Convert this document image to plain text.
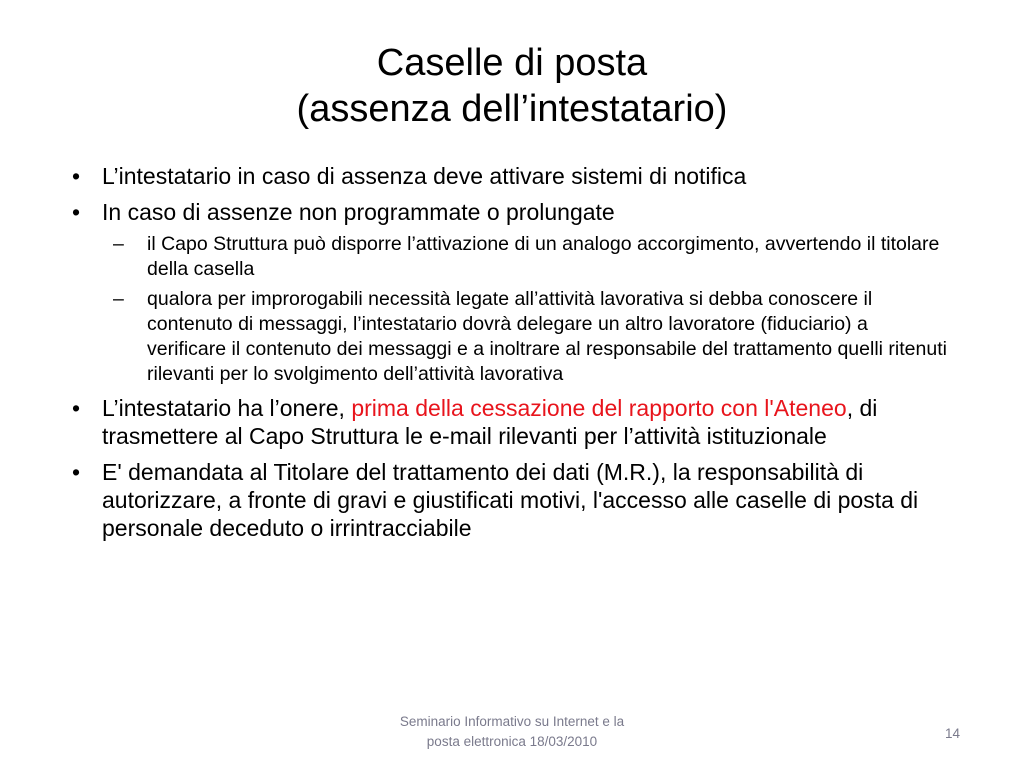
Caselle di posta
(assenza dell’intestatario)
• L’intestatario in caso di assenza deve attivare sistemi di notifica
• In caso di assenze non programmate o prolungate
–	il Capo Struttura può disporre l’attivazione di un analogo accorgimento, avvertendo il titolare della casella
–	qualora per improrogabili necessità legate all’attività lavorativa si debba conoscere il contenuto di messaggi, l’intestatario dovrà delegare un altro lavoratore (fiduciario) a verificare il contenuto dei messaggi e a inoltrare al responsabile del trattamento quelli ritenuti rilevanti per lo svolgimento dell’attività lavorativa
• L’intestatario ha l’onere, prima della cessazione del rapporto con l'Ateneo, di trasmettere al Capo Struttura le e-mail rilevanti per l’attività istituzionale
• E' demandata al Titolare del trattamento dei dati (M.R.), la responsabilità di autorizzare, a fronte di gravi e giustificati motivi, l'accesso alle caselle di posta di personale deceduto o irrintracciabile
Seminario Informativo su Internet e la
posta elettronica 18/03/2010
14
